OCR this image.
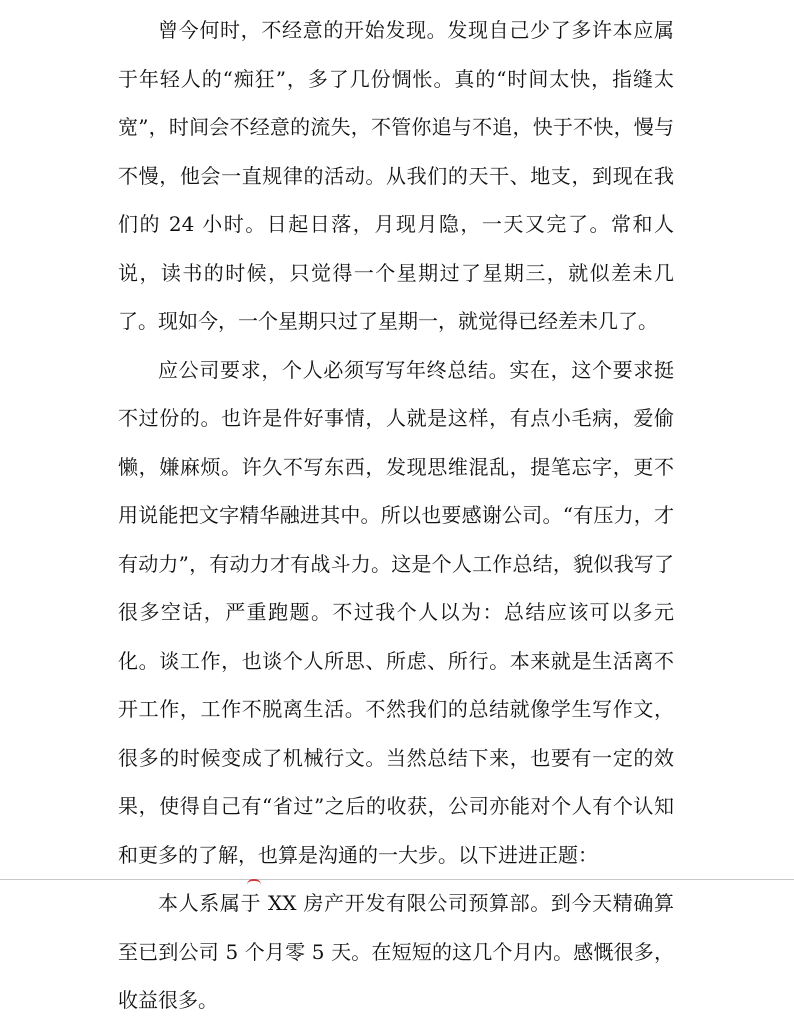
曾今何时，不经意的开始发现。发现自己少了多许本应属于年轻人的“痴狂”，多了几份惆怅。真的“时间太快，指缝太宽”，时间会不经意的流失，不管你追与不追，快于不快，慢与不慢，他会一直规律的活动。从我们的天干、地支，到现在我们的 24 小时。日起日落，月现月隐，一天又完了。常和人说，读书的时候，只觉得一个星期过了星期三，就似差未几了。现如今，一个星期只过了星期一，就觉得已经差未几了。

应公司要求，个人必须写写年终总结。实在，这个要求挺不过份的。也许是件好事情，人就是这样，有点小毛病，爱偷懒，嫌麻烦。许久不写东西，发现思维混乱，提笔忘字，更不用说能把文字精华融进其中。所以也要感谢公司。“有压力，才有动力”，有动力才有战斗力。这是个人工作总结，貌似我写了很多空话，严重跑题。不过我个人以为：总结应该可以多元化。谈工作，也谈个人所思、所虑、所行。本来就是生活离不开工作，工作不脱离生活。不然我们的总结就像学生写作文，很多的时候变成了机械行文。当然总结下来，也要有一定的效果，使得自己有“省过”之后的收获，公司亦能对个人有个认知和更多的了解，也算是沟通的一大步。以下进进正题：

本人系属于 XX 房产开发有限公司预算部。到今天精确算至已到公司 5 个月零 5 天。在短短的这几个月内。感慨很多，收益很多。
